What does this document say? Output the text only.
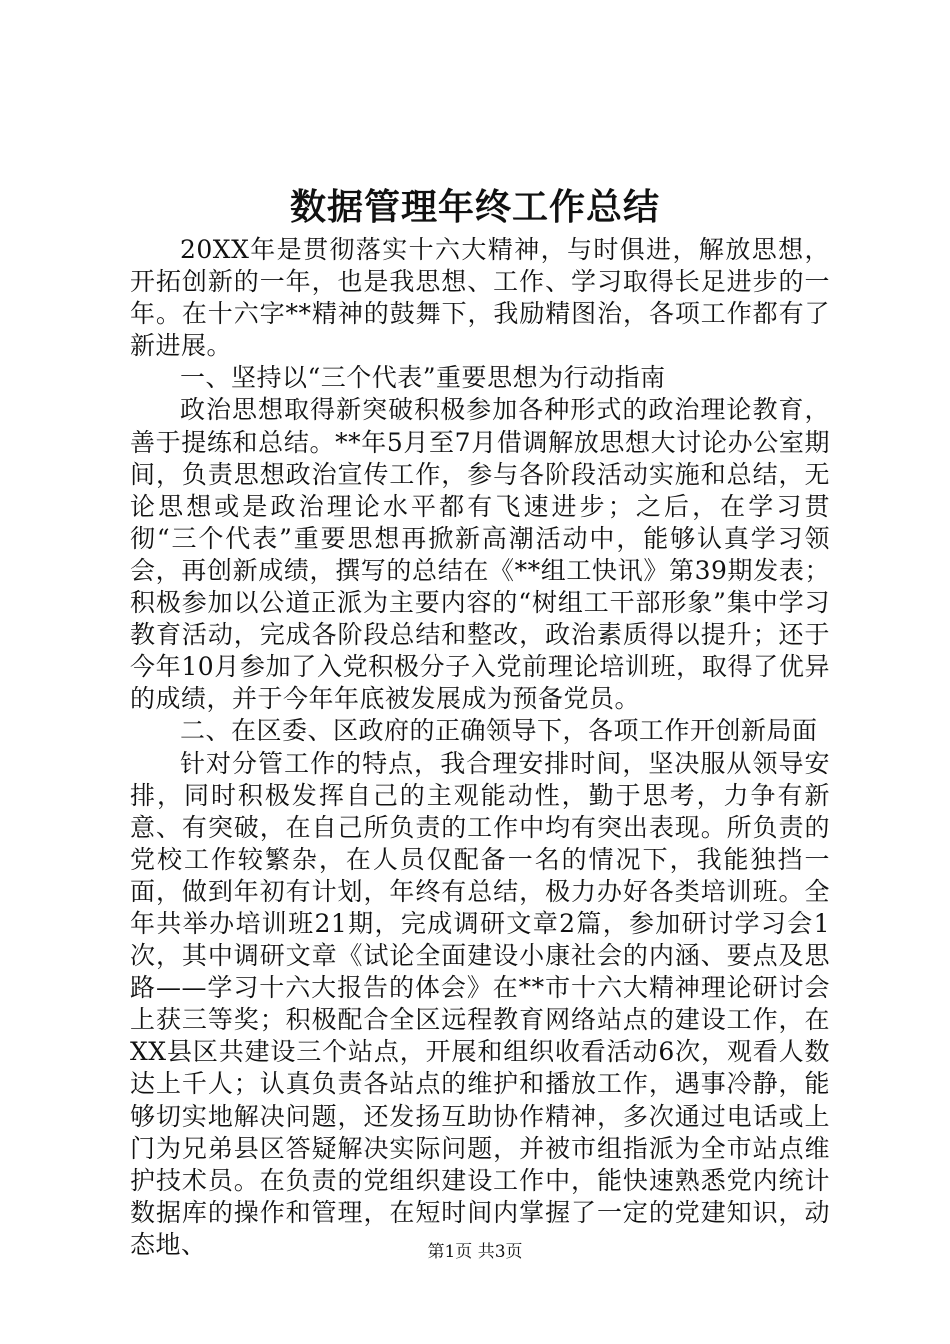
数据管理年终工作总结

20XX年是贯彻落实十六大精神，与时俱进，解放思想，开拓创新的一年，也是我思想、工作、学习取得长足进步的一年。在十六字**精神的鼓舞下，我励精图治，各项工作都有了新进展。

一、坚持以“三个代表”重要思想为行动指南

政治思想取得新突破积极参加各种形式的政治理论教育，善于提练和总结。**年5月至7月借调解放思想大讨论办公室期间，负责思想政治宣传工作，参与各阶段活动实施和总结，无论思想或是政治理论水平都有飞速进步；之后，在学习贯彻“三个代表”重要思想再掀新高潮活动中，能够认真学习领会，再创新成绩，撰写的总结在《**组工快讯》第39期发表；积极参加以公道正派为主要内容的“树组工干部形象”集中学习教育活动，完成各阶段总结和整改，政治素质得以提升；还于今年10月参加了入党积极分子入党前理论培训班，取得了优异的成绩，并于今年年底被发展成为预备党员。

二、在区委、区政府的正确领导下，各项工作开创新局面

针对分管工作的特点，我合理安排时间，坚决服从领导安排，同时积极发挥自己的主观能动性，勤于思考，力争有新意、有突破，在自己所负责的工作中均有突出表现。所负责的党校工作较繁杂，在人员仅配备一名的情况下，我能独挡一面，做到年初有计划，年终有总结，极力办好各类培训班。全年共举办培训班21期，完成调研文章2篇，参加研讨学习会1次，其中调研文章《试论全面建设小康社会的内涵、要点及思路——学习十六大报告的体会》在**市十六大精神理论研讨会上获三等奖；积极配合全区远程教育网络站点的建设工作，在XX县区共建设三个站点，开展和组织收看活动6次，观看人数达上千人；认真负责各站点的维护和播放工作，遇事冷静，能够切实地解决问题，还发扬互助协作精神，多次通过电话或上门为兄弟县区答疑解决实际问题，并被市组指派为全市站点维护技术员。在负责的党组织建设工作中，能快速熟悉党内统计数据库的操作和管理，在短时间内掌握了一定的党建知识，动态地、	第1页 共3页
